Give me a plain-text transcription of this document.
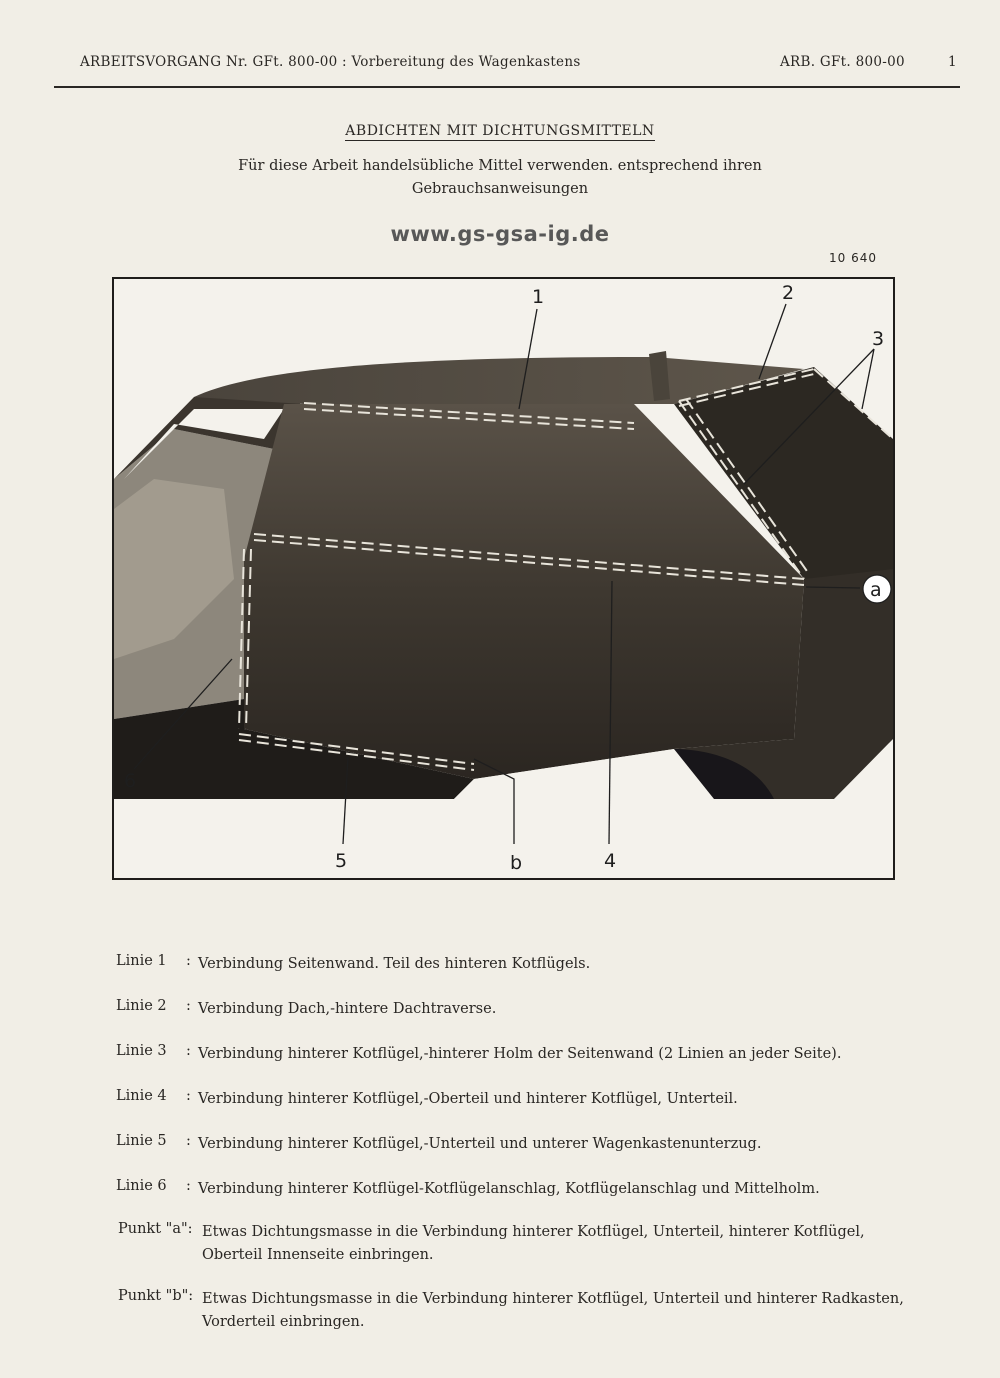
ARBEITSVORGANG Nr. GFt. 800-00 : Vorbereitung des Wagenkastens	ARB. GFt. 800-00	1
ABDICHTEN MIT DICHTUNGSMITTELN
Für diese Arbeit handelsübliche Mittel verwenden. entsprechend ihren
Gebrauchsanweisungen
www.gs-gsa-ig.de
10 640
1	2
3
a
6
5	b	4
Linie 1 : Verbindung Seitenwand. Teil des hinteren Kotflügels.
Linie 2 : Verbindung Dach,-hintere Dachtraverse.
Linie 3 : Verbindung hinterer Kotflügel,-hinterer Holm der Seitenwand (2 Linien an jeder Seite).
Linie 4 : Verbindung hinterer Kotflügel,-Oberteil und hinterer Kotflügel, Unterteil.
Linie 5 : Verbindung hinterer Kotflügel,-Unterteil und unterer Wagenkastenunterzug.
Linie 6 : Verbindung hinterer Kotflügel-Kotflügelanschlag, Kotflügelanschlag und Mittelholm.
Punkt "a": Etwas Dichtungsmasse in die Verbindung hinterer Kotflügel, Unterteil, hinterer Kotflügel,
Oberteil Innenseite einbringen.
Punkt "b": Etwas Dichtungsmasse in die Verbindung hinterer Kotflügel, Unterteil und hinterer Radkasten,
Vorderteil einbringen.
